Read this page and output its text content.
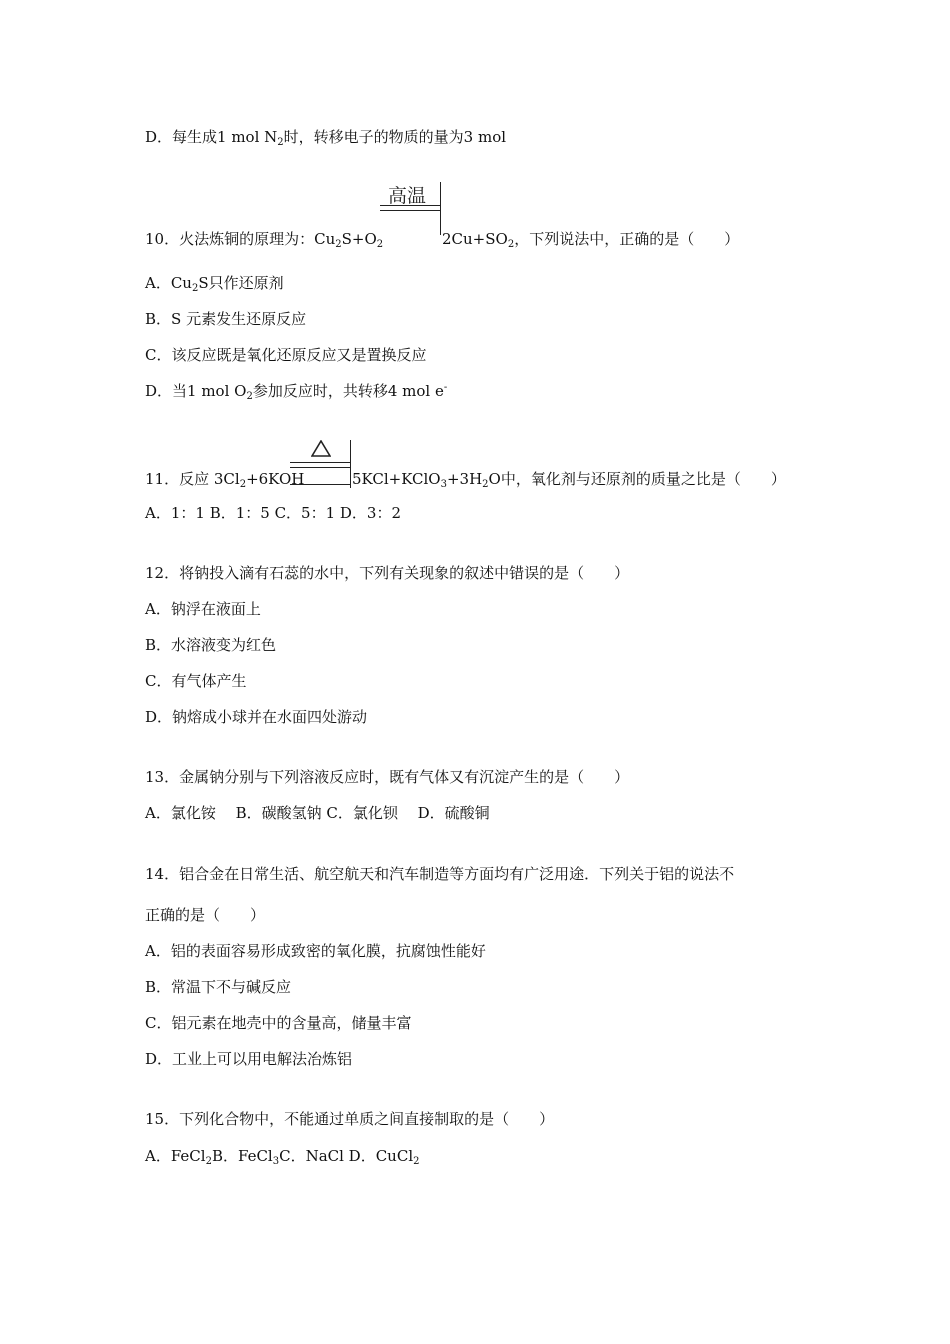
D．每生成1 mol $N_2$时，转移电子的物质的量为3 mol
高温
10．火法炼铜的原理为：$Cu_2S+O_2$	$2Cu+SO_2$，下列说法中，正确的是（　　）
A．$Cu_2S$只作还原剂
B．S 元素发生还原反应
C．该反应既是氧化还原反应又是置换反应
D．当1 mol $O_2$参加反应时，共转移4 mol e-
11．反应 $3Cl_2+6KOH$	$5KCl+KClO_3+3H_2O$中，氧化剂与还原剂的质量之比是（　　）
A．1：1 B．1：5 C．5：1 D．3：2
12．将钠投入滴有石蕊的水中，下列有关现象的叙述中错误的是（　　）
A．钠浮在液面上
B．水溶液变为红色
C．有气体产生
D．钠熔成小球并在水面四处游动
13．金属钠分别与下列溶液反应时，既有气体又有沉淀产生的是（　　）
A．氯化铵　 B．碳酸氢钠 C．氯化钡　 D．硫酸铜
14．铝合金在日常生活、航空航天和汽车制造等方面均有广泛用途．下列关于铝的说法不
正确的是（　　）
A．铝的表面容易形成致密的氧化膜，抗腐蚀性能好
B．常温下不与碱反应
C．铝元素在地壳中的含量高，储量丰富
D．工业上可以用电解法冶炼铝
15．下列化合物中，不能通过单质之间直接制取的是（　　）
A．FeCl$_2$B．FeCl$_3$C．NaCl D．CuCl$_2$
